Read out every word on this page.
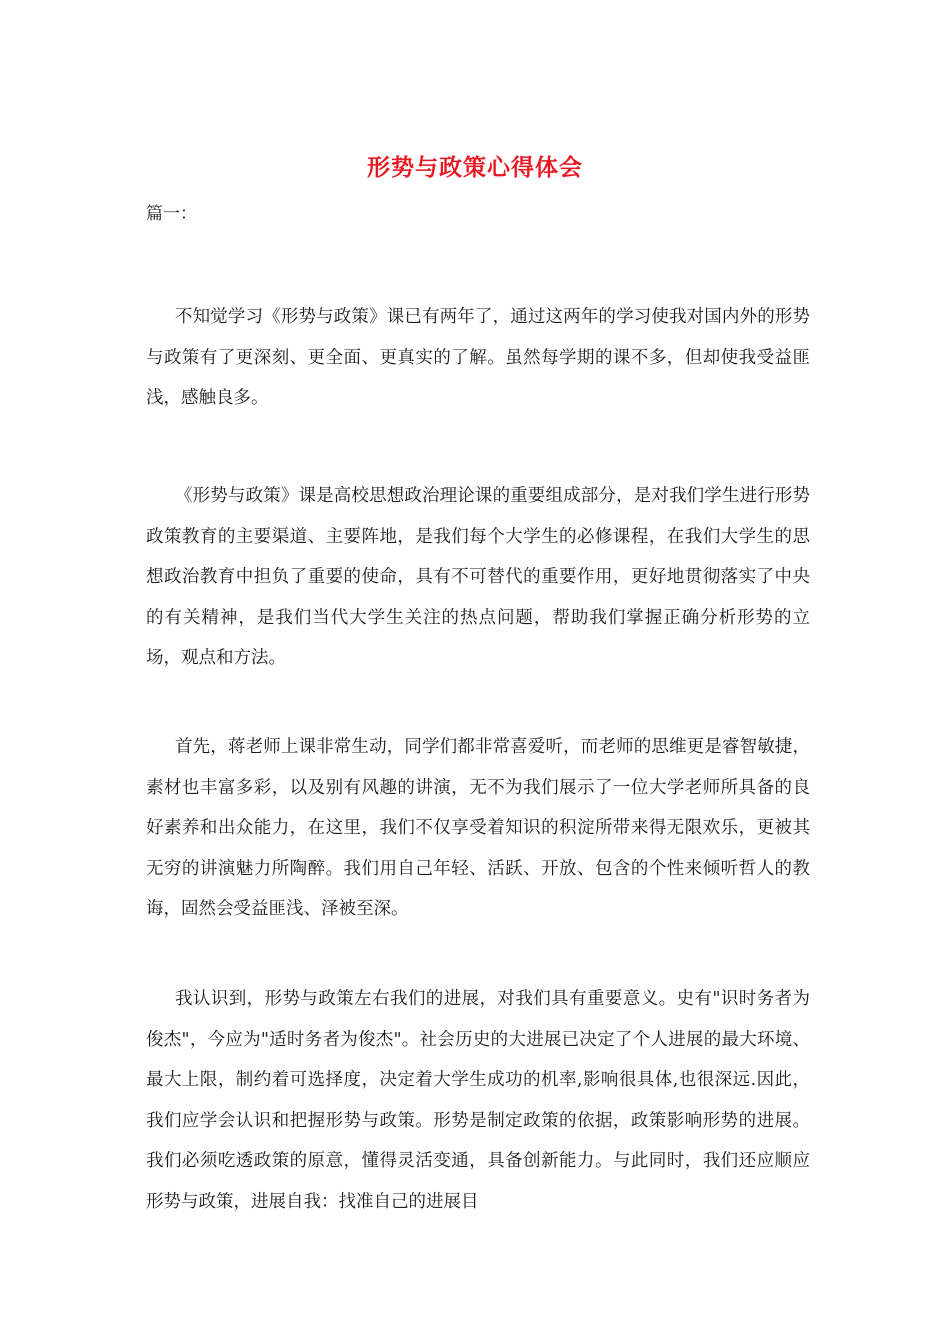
形势与政策心得体会
篇一：

不知觉学习《形势与政策》课已有两年了，通过这两年的学习使我对国内外的形势与政策有了更深刻、更全面、更真实的了解。虽然每学期的课不多，但却使我受益匪浅，感触良多。

《形势与政策》课是高校思想政治理论课的重要组成部分，是对我们学生进行形势政策教育的主要渠道、主要阵地，是我们每个大学生的必修课程，在我们大学生的思想政治教育中担负了重要的使命，具有不可替代的重要作用，更好地贯彻落实了中央的有关精神，是我们当代大学生关注的热点问题，帮助我们掌握正确分析形势的立场，观点和方法。

首先，蒋老师上课非常生动，同学们都非常喜爱听，而老师的思维更是睿智敏捷，素材也丰富多彩，以及别有风趣的讲演，无不为我们展示了一位大学老师所具备的良好素养和出众能力，在这里，我们不仅享受着知识的积淀所带来得无限欢乐，更被其无穷的讲演魅力所陶醉。我们用自己年轻、活跃、开放、包含的个性来倾听哲人的教诲，固然会受益匪浅、泽被至深。

我认识到，形势与政策左右我们的进展，对我们具有重要意义。史有"识时务者为俊杰"，今应为"适时务者为俊杰"。社会历史的大进展已决定了个人进展的最大环境、最大上限，制约着可选择度，决定着大学生成功的机率,影响很具体,也很深远.因此，我们应学会认识和把握形势与政策。形势是制定政策的依据，政策影响形势的进展。我们必须吃透政策的原意，懂得灵活变通，具备创新能力。与此同时，我们还应顺应形势与政策，进展自我：找准自己的进展目
